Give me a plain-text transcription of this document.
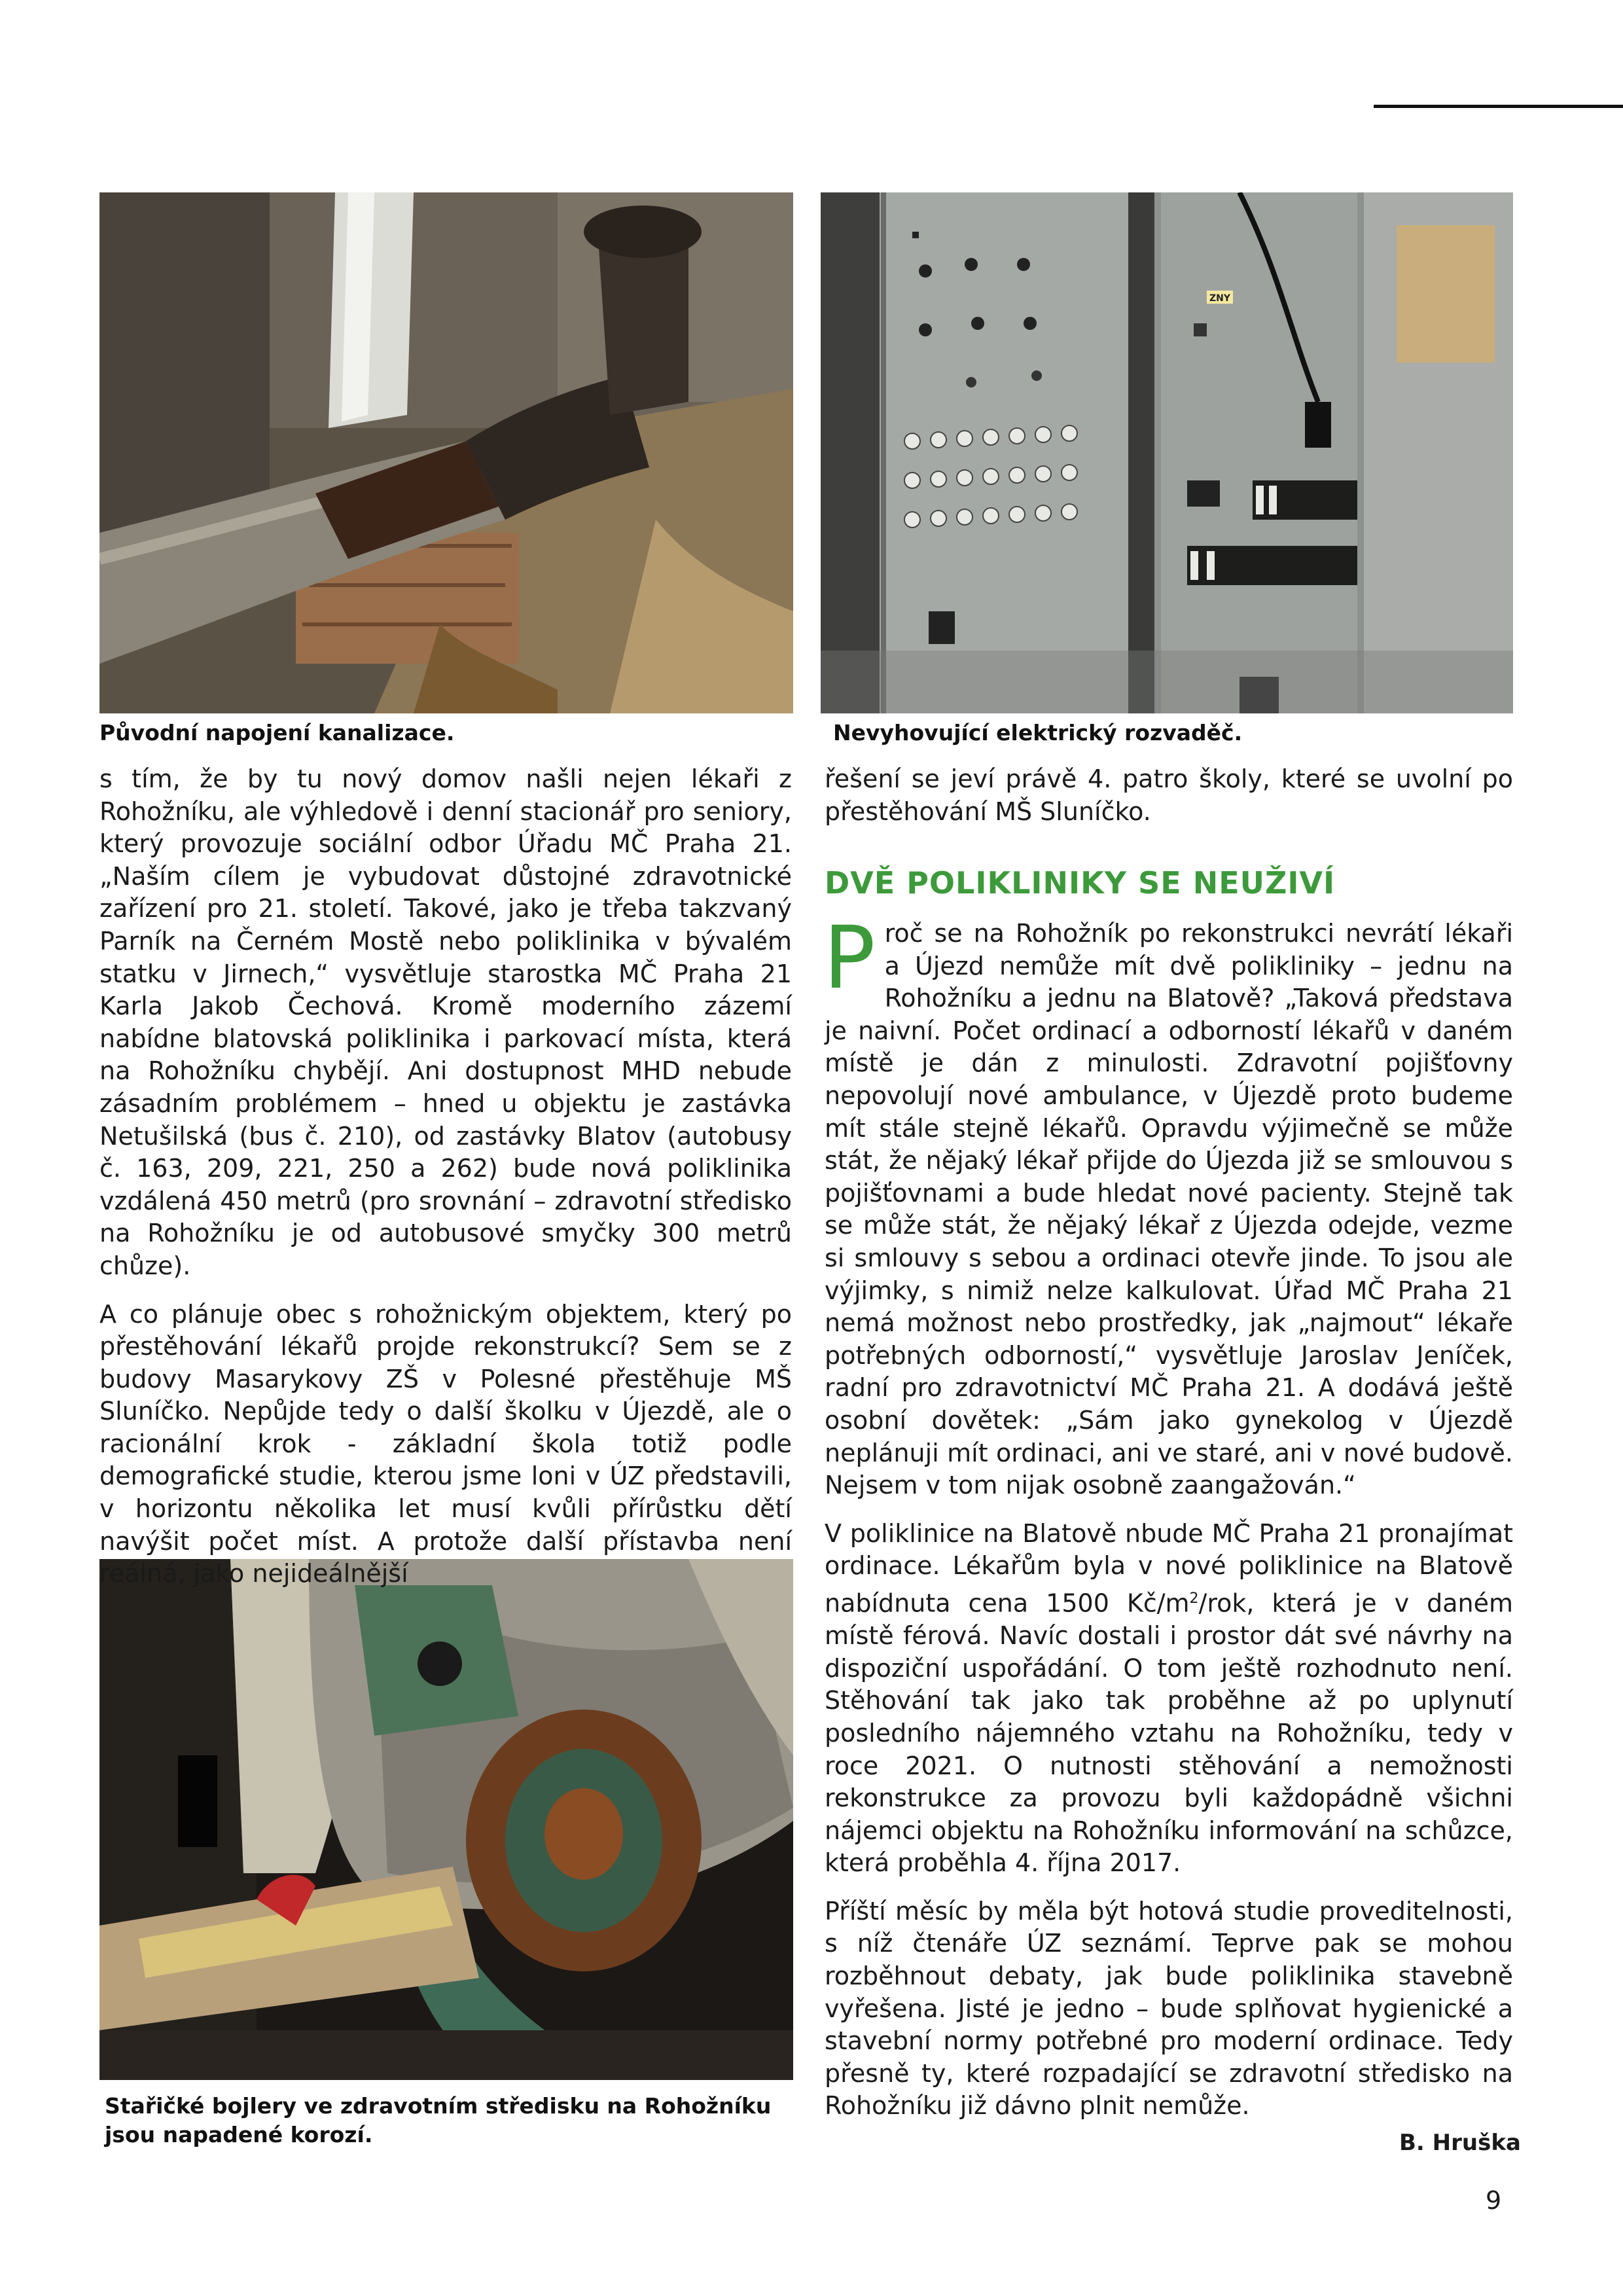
Původní napojení kanalizace.
ZNY
Nevyhovující elektrický rozvaděč.
Stařičké bojlery ve zdravotním středisku na Rohožníku jsou napadené korozí.

s tím, že by tu nový domov našli nejen lékaři z Rohožníku, ale výhledově i denní stacionář pro seniory, který provozuje sociální odbor Úřadu MČ Praha 21. „Naším cílem je vybudovat důstojné zdravotnické zařízení pro 21. století. Takové, jako je třeba takzvaný Parník na Černém Mostě nebo poliklinika v bývalém statku v Jirnech,“ vysvětluje starostka MČ Praha 21 Karla Jakob Čechová. Kromě moderního zázemí nabídne blatovská poliklinika i parkovací místa, která na Rohožníku chybějí. Ani dostupnost MHD nebude zásadním problémem – hned u objektu je zastávka Netušilská (bus č. 210), od zastávky Blatov (autobusy č. 163, 209, 221, 250 a 262) bude nová poliklinika vzdálená 450 metrů (pro srovnání – zdravotní středisko na Rohožníku je od autobusové smyčky 300 metrů chůze).

A co plánuje obec s rohožnickým objektem, který po přestěhování lékařů projde rekonstrukcí? Sem se z budovy Masarykovy ZŠ v Polesné přestěhuje MŠ Sluníčko. Nepůjde tedy o další školku v Újezdě, ale o racionální krok - základní škola totiž podle demografické studie, kterou jsme loni v ÚZ představili, v horizontu několika let musí kvůli přírůstku dětí navýšit počet míst. A protože další přístavba není reálná, jako nejideálnější

řešení se jeví právě 4. patro školy, které se uvolní po přestěhování MŠ Sluníčko.

DVĚ POLIKLINIKY SE NEUŽIVÍ

P roč se na Rohožník po rekonstrukci nevrátí lékaři a Újezd nemůže mít dvě polikliniky – jednu na Rohožníku a jednu na Blatově? „Taková představa je naivní. Počet ordinací a odborností lékařů v daném místě je dán z minulosti. Zdravotní pojišťovny nepovolují nové ambulance, v Újezdě proto budeme mít stále stejně lékařů. Opravdu výjimečně se může stát, že nějaký lékař přijde do Újezda již se smlouvou s pojišťovnami a bude hledat nové pacienty. Stejně tak se může stát, že nějaký lékař z Újezda odejde, vezme si smlouvy s sebou a ordinaci otevře jinde. To jsou ale výjimky, s nimiž nelze kalkulovat. Úřad MČ Praha 21 nemá možnost nebo prostředky, jak „najmout“ lékaře potřebných odborností,“ vysvětluje Jaroslav Jeníček, radní pro zdravotnictví MČ Praha 21. A dodává ještě osobní dovětek: „Sám jako gynekolog v Újezdě neplánuji mít ordinaci, ani ve staré, ani v nové budově. Nejsem v tom nijak osobně zaangažován.“

V poliklinice na Blatově nbude MČ Praha 21 pronajímat ordinace. Lékařům byla v nové poliklinice na Blatově nabídnuta cena 1500 $Kč/m^2$/rok, která je v daném místě férová. Navíc dostali i prostor dát své návrhy na dispoziční uspořádání. O tom ještě rozhodnuto není. Stěhování tak jako tak proběhne až po uplynutí posledního nájemného vztahu na Rohožníku, tedy v roce 2021. O nutnosti stěhování a nemožnosti rekonstrukce za provozu byli každopádně všichni nájemci objektu na Rohožníku informování na schůzce, která proběhla 4. října 2017.

Příští měsíc by měla být hotová studie proveditelnosti, s níž čtenáře ÚZ seznámí. Teprve pak se mohou rozběhnout debaty, jak bude poliklinika stavebně vyřešena. Jisté je jedno – bude splňovat hygienické a stavební normy potřebné pro moderní ordinace. Tedy přesně ty, které rozpadající se zdravotní středisko na Rohožníku již dávno plnit nemůže.

B. Hruška
9
